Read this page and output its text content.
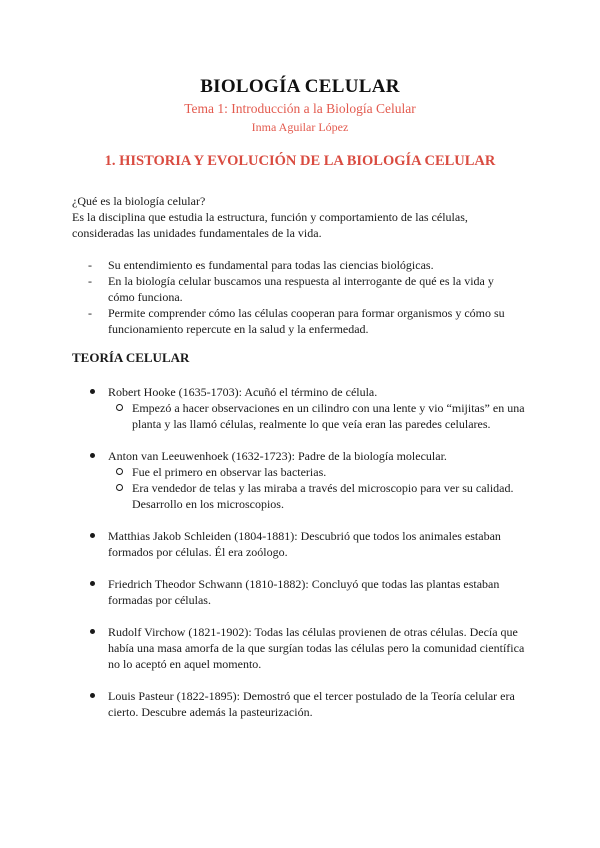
BIOLOGÍA CELULAR
Tema 1: Introducción a la Biología Celular
Inma Aguilar López
1. HISTORIA Y EVOLUCIÓN DE LA BIOLOGÍA CELULAR

¿Qué es la biología celular?

Es la disciplina que estudia la estructura, función y comportamiento de las células, consideradas las unidades fundamentales de la vida.

- Su entendimiento es fundamental para todas las ciencias biológicas.
- En la biología celular buscamos una respuesta al interrogante de qué es la vida y cómo funciona.
- Permite comprender cómo las células cooperan para formar organismos y cómo su funcionamiento repercute en la salud y la enfermedad.
TEORÍA CELULAR
Robert Hooke (1635-1703): Acuñó el término de célula.
Empezó a hacer observaciones en un cilindro con una lente y vio “mijitas” en una planta y las llamó células, realmente lo que veía eran las paredes celulares.
Anton van Leeuwenhoek (1632-1723): Padre de la biología molecular.
Fue el primero en observar las bacterias.
Era vendedor de telas y las miraba a través del microscopio para ver su calidad. Desarrollo en los microscopios.
Matthias Jakob Schleiden (1804-1881): Descubrió que todos los animales estaban formados por células. Él era zoólogo.
Friedrich Theodor Schwann (1810-1882): Concluyó que todas las plantas estaban formadas por células.
Rudolf Virchow (1821-1902): Todas las células provienen de otras células. Decía que había una masa amorfa de la que surgían todas las células pero la comunidad científica no lo aceptó en aquel momento.
Louis Pasteur (1822-1895): Demostró que el tercer postulado de la Teoría celular era cierto. Descubre además la pasteurización.
